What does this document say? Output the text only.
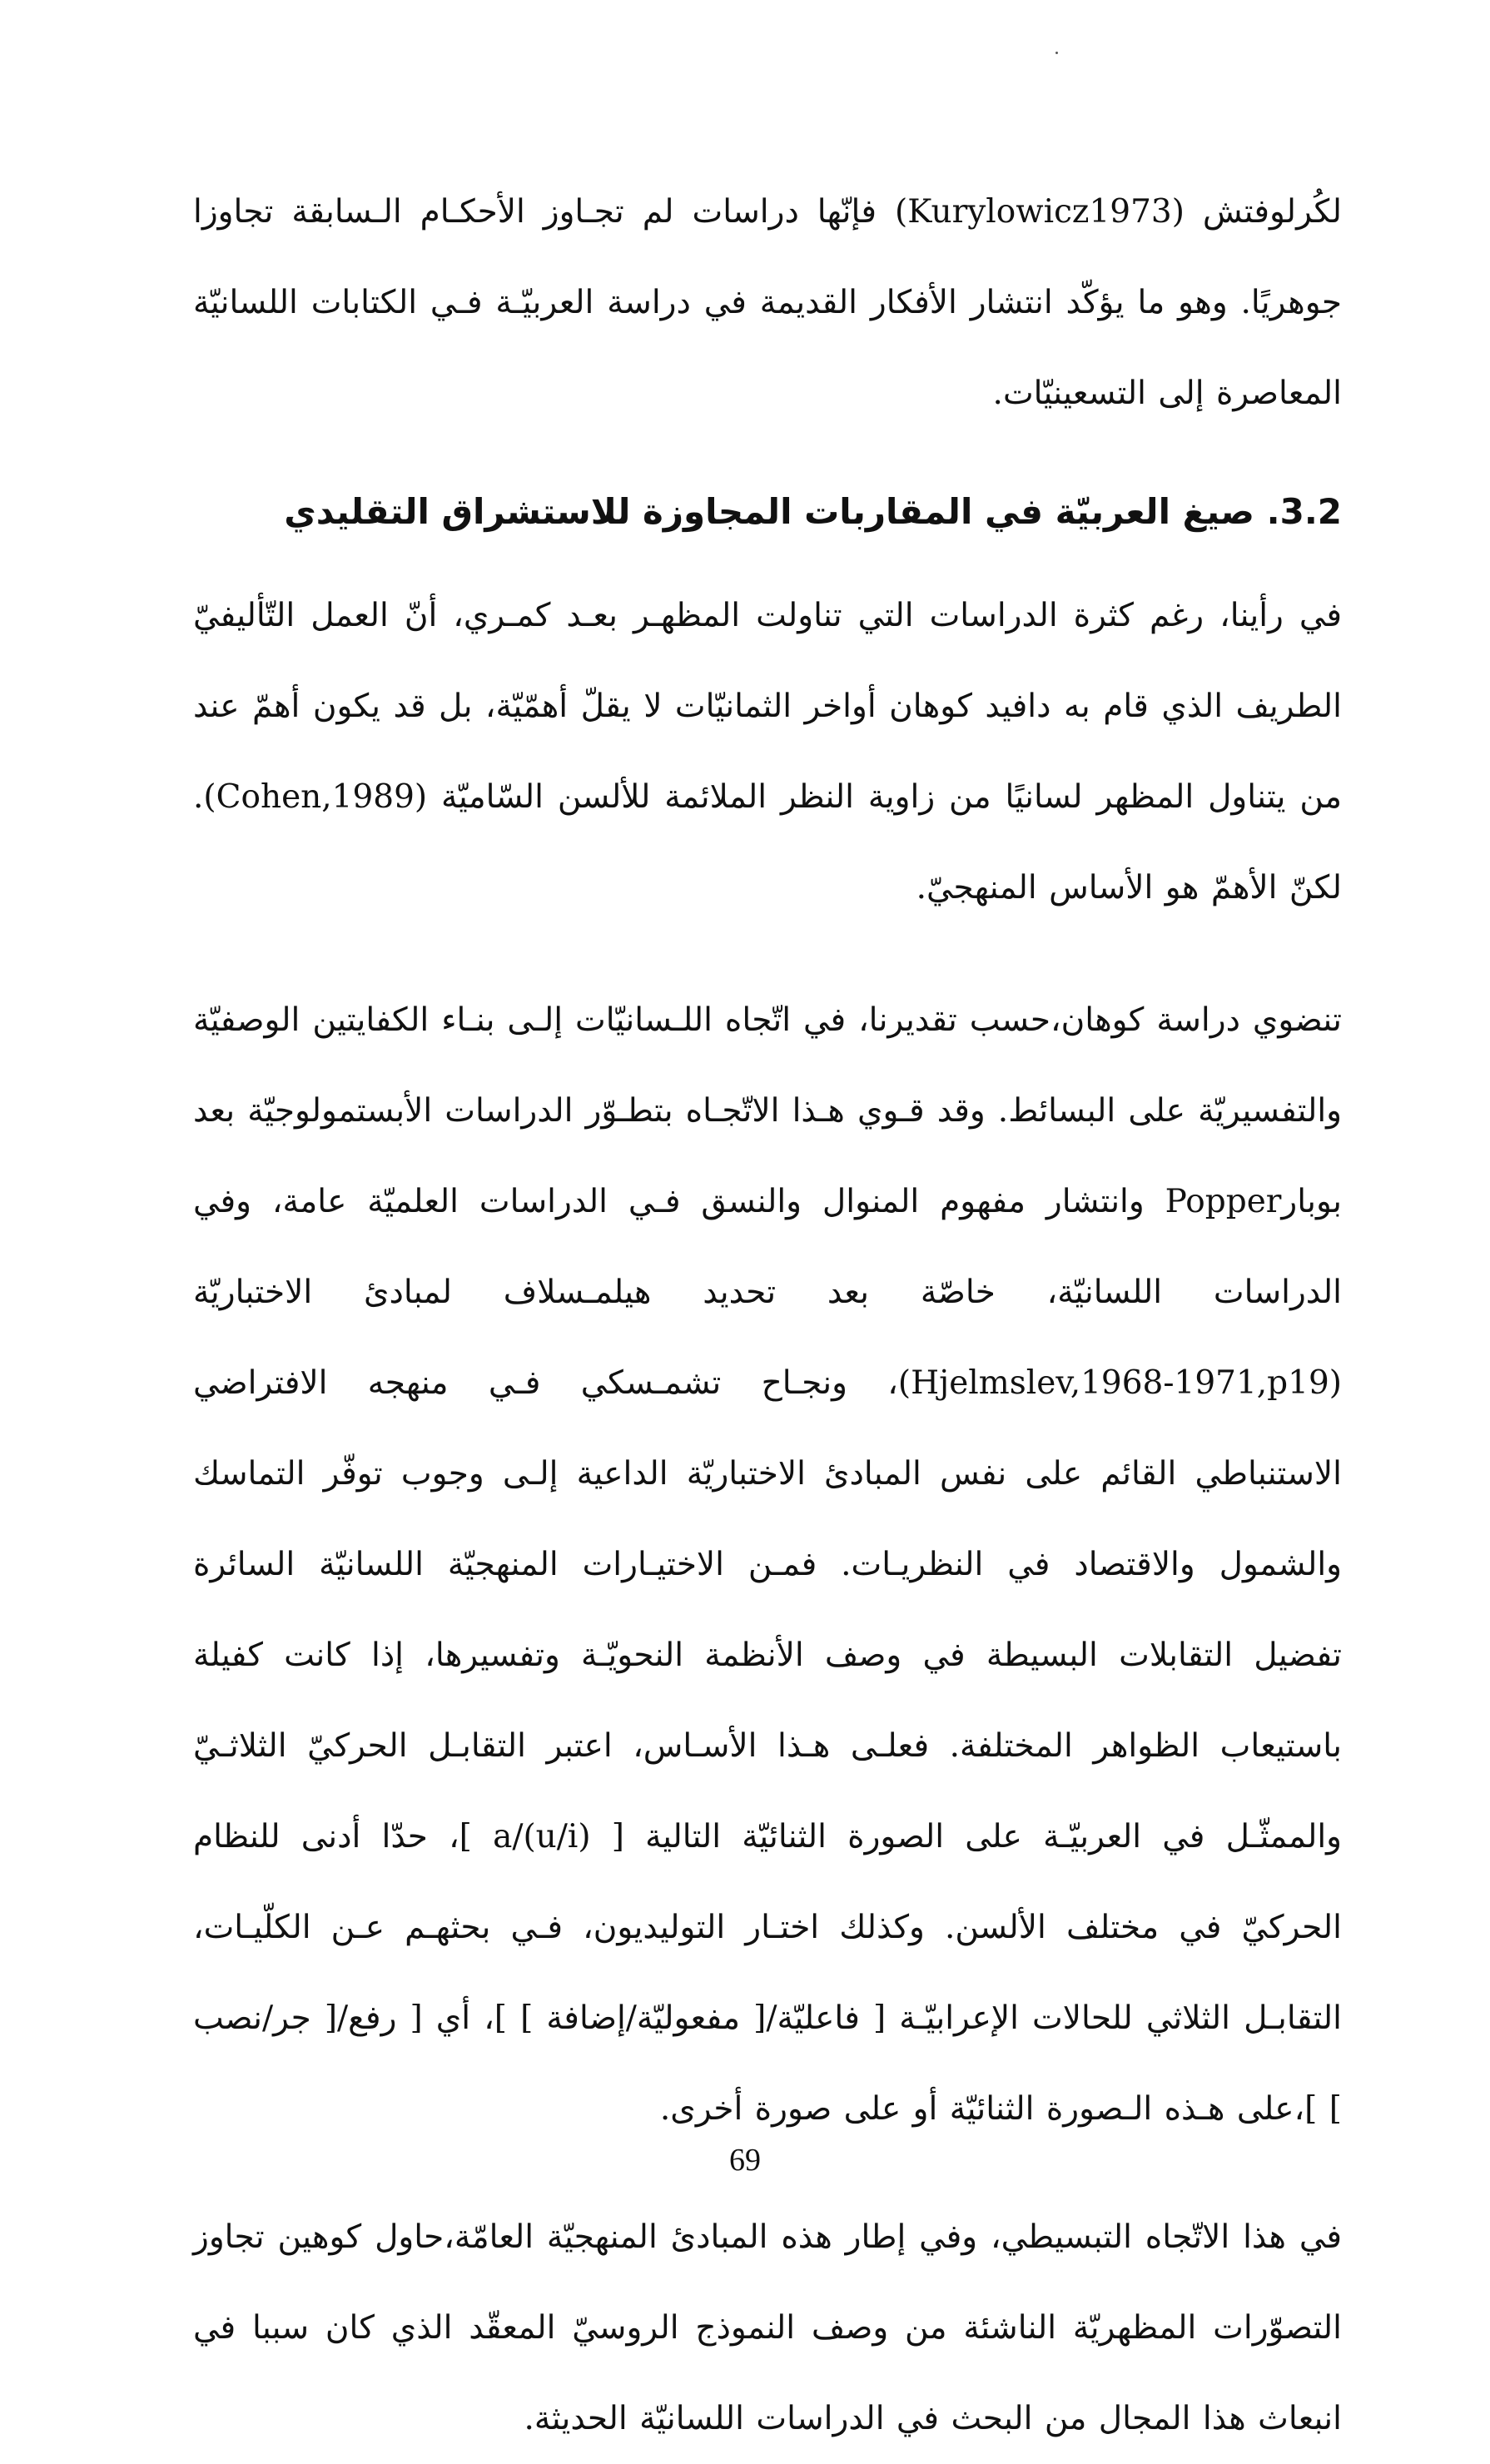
لكُرلوفتش (Kurylowicz1973) فإنّها دراسات لم تجـاوز الأحكـام الـسابقة تجاوزا جوهريًا. وهو ما يؤكّد انتشار الأفكار القديمة في دراسة العربيّـة فـي الكتابات اللسانيّة المعاصرة إلى التسعينيّات.

3.2. صيغ العربيّة في المقاربات المجاوزة للاستشراق التقليدي

في رأينا، رغم كثرة الدراسات التي تناولت المظهـر بعـد كمـري، أنّ العمل التّأليفيّ الطريف الذي قام به دافيد كوهان أواخر الثمانيّات لا يقلّ أهمّيّة، بل قد يكون أهمّ عند من يتناول المظهر لسانيًا من زاوية النظر الملائمة للألسن السّاميّة (Cohen,1989). لكنّ الأهمّ هو الأساس المنهجيّ.

تنضوي دراسة كوهان،حسب تقديرنا، في اتّجاه اللـسانيّات إلـى بنـاء الكفايتين الوصفيّة والتفسيريّة على البسائط. وقد قـوي هـذا الاتّجـاه بتطـوّر الدراسات الأبستمولوجيّة بعد بوبارPopper وانتشار مفهوم المنوال والنسق فـي الدراسات العلميّة عامة، وفي الدراسات اللسانيّة، خاصّة بعد تحديد هيلمـسلاف لمبادئ الاختباريّة (Hjelmslev,1968-1971,p19)، ونجـاح تشمـسكي فـي منهجه الافتراضي الاستنباطي القائم على نفس المبادئ الاختباريّة الداعية إلـى وجوب توفّر التماسك والشمول والاقتصاد في النظريـات. فمـن الاختيـارات المنهجيّة اللسانيّة السائرة تفضيل التقابلات البسيطة في وصف الأنظمة النحويّـة وتفسيرها، إذا كانت كفيلة باستيعاب الظواهر المختلفة. فعلـى هـذا الأسـاس، اعتبر التقابـل الحركيّ الثلاثـيّ والممثّـل في العربيّـة على الصورة الثنائيّة التالية [ a/(u/i) ]، حدّا أدنى للنظام الحركيّ في مختلف الألسن. وكذلك اختـار التوليديون، فـي بحثهـم عـن الكلّيـات، التقابـل الثلاثي للحالات الإعرابيّـة [ فاعليّة/[ مفعوليّة/إضافة ] ]، أي [ رفع/[ جر/نصب ] ]،على هـذه الـصورة الثنائيّة أو على صورة أخرى.

في هذا الاتّجاه التبسيطي، وفي إطار هذه المبادئ المنهجيّة العامّة،حاول كوهين تجاوز التصوّرات المظهريّة الناشئة من وصف النموذج الروسيّ المعقّد الذي كان سببا في انبعاث هذا المجال من البحث في الدراسات اللسانيّة الحديثة.

69
